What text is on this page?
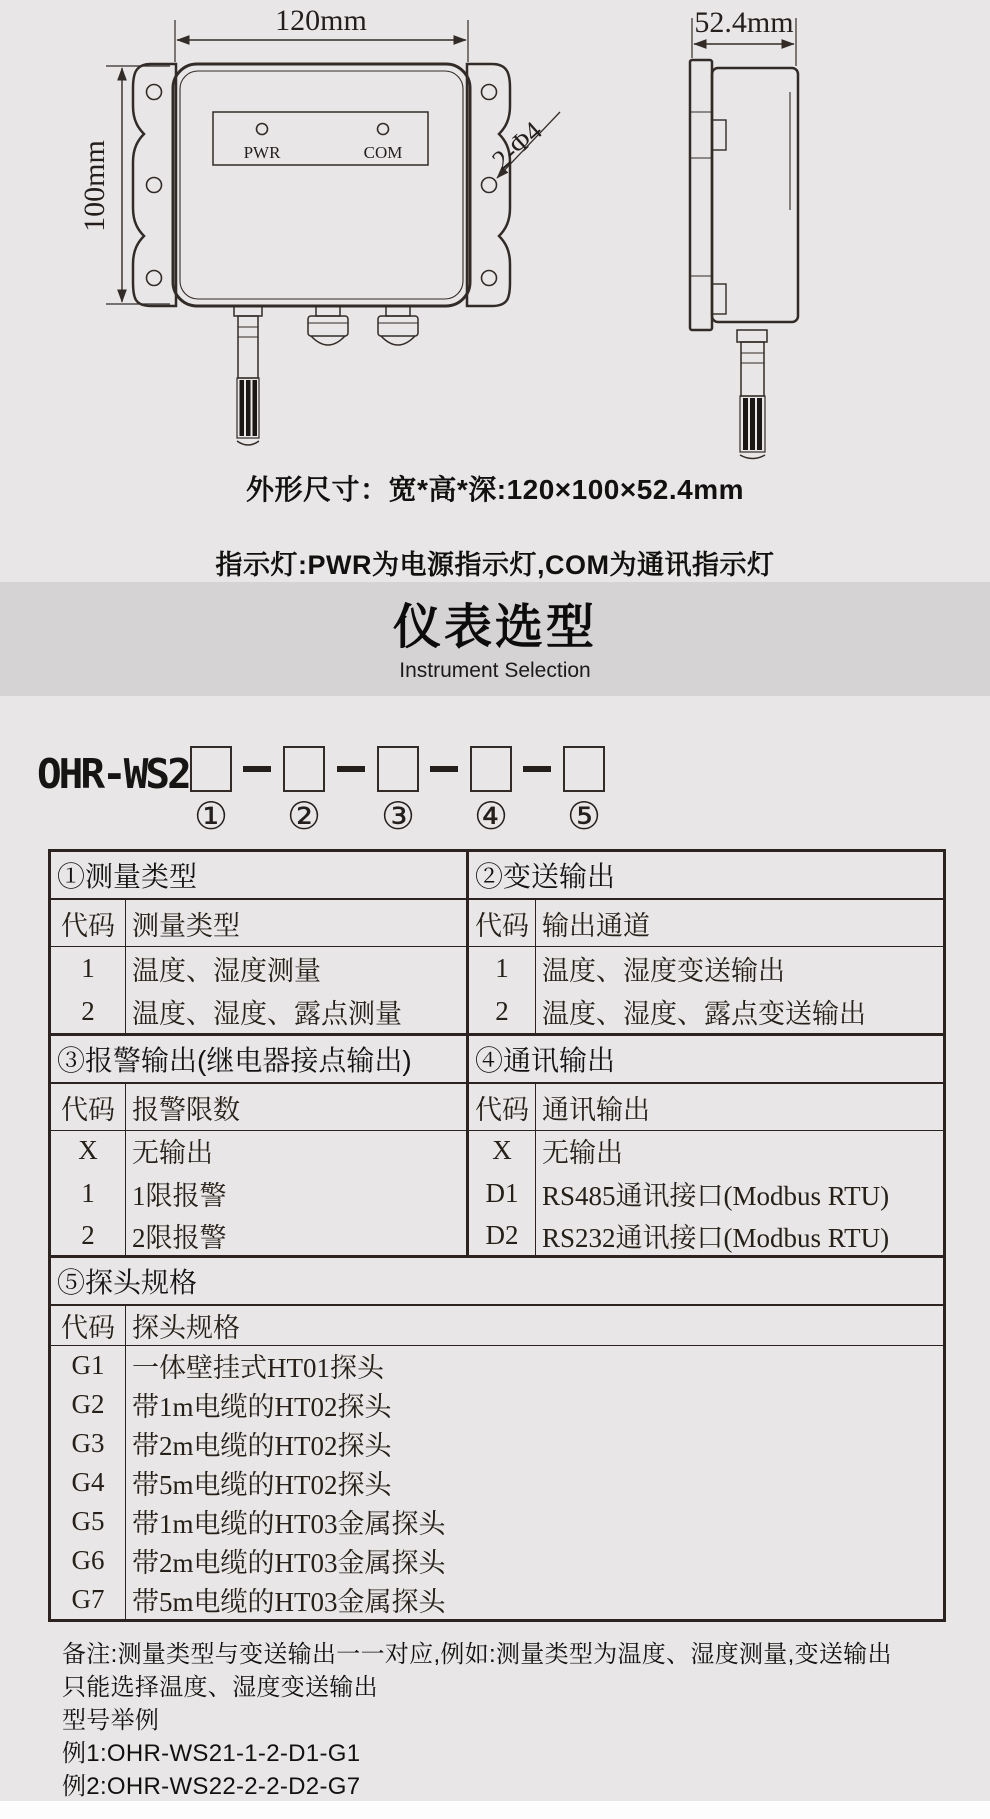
120mm
100mm	PWR	COM	2-Φ4
52.4mm
外形尺寸：宽*高*深:120×100×52.4mm
指示灯:PWR为电源指示灯,COM为通讯指示灯
仪表选型
Instrument Selection
OHR-WS2
① ② ③ ④ ⑤
①测量类型		②变送输出	
代码	测量类型	代码	输出通道
1	温度、湿度测量	1	温度、湿度变送输出
2	温度、湿度、露点测量	2	温度、湿度、露点变送输出
③报警输出(继电器接点输出)		④通讯输出	
代码	报警限数	代码	通讯输出
X	无输出	X	无输出
1	1限报警	D1	RS485通讯接口(Modbus RTU)
2	2限报警	D2	RS232通讯接口(Modbus RTU)
⑤探头规格			
代码	探头规格		
G1	一体壁挂式HT01探头		
G2	带1m电缆的HT02探头		
G3	带2m电缆的HT02探头		
G4	带5m电缆的HT02探头		
G5	带1m电缆的HT03金属探头		
G6	带2m电缆的HT03金属探头		
G7	带5m电缆的HT03金属探头		
备注:测量类型与变送输出一一对应,例如:测量类型为温度、湿度测量,变送输出
只能选择温度、湿度变送输出
型号举例
例1:OHR-WS21-1-2-D1-G1
例2:OHR-WS22-2-2-D2-G7
